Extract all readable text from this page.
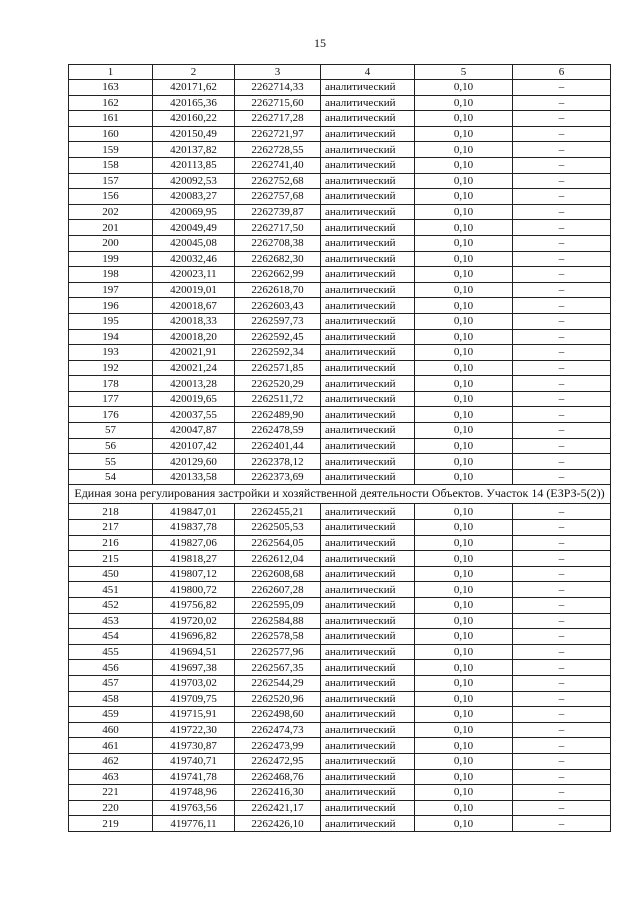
15
1	2	3	4	5	6
163	420171,62	2262714,33	аналитический	0,10	–
162	420165,36	2262715,60	аналитический	0,10	–
161	420160,22	2262717,28	аналитический	0,10	–
160	420150,49	2262721,97	аналитический	0,10	–
159	420137,82	2262728,55	аналитический	0,10	–
158	420113,85	2262741,40	аналитический	0,10	–
157	420092,53	2262752,68	аналитический	0,10	–
156	420083,27	2262757,68	аналитический	0,10	–
202	420069,95	2262739,87	аналитический	0,10	–
201	420049,49	2262717,50	аналитический	0,10	–
200	420045,08	2262708,38	аналитический	0,10	–
199	420032,46	2262682,30	аналитический	0,10	–
198	420023,11	2262662,99	аналитический	0,10	–
197	420019,01	2262618,70	аналитический	0,10	–
196	420018,67	2262603,43	аналитический	0,10	–
195	420018,33	2262597,73	аналитический	0,10	–
194	420018,20	2262592,45	аналитический	0,10	–
193	420021,91	2262592,34	аналитический	0,10	–
192	420021,24	2262571,85	аналитический	0,10	–
178	420013,28	2262520,29	аналитический	0,10	–
177	420019,65	2262511,72	аналитический	0,10	–
176	420037,55	2262489,90	аналитический	0,10	–
57	420047,87	2262478,59	аналитический	0,10	–
56	420107,42	2262401,44	аналитический	0,10	–
55	420129,60	2262378,12	аналитический	0,10	–
54	420133,58	2262373,69	аналитический	0,10	–
Единая зона регулирования застройки и хозяйственной деятельности Объектов. Участок 14 (ЕЗРЗ-5(2))					
218	419847,01	2262455,21	аналитический	0,10	–
217	419837,78	2262505,53	аналитический	0,10	–
216	419827,06	2262564,05	аналитический	0,10	–
215	419818,27	2262612,04	аналитический	0,10	–
450	419807,12	2262608,68	аналитический	0,10	–
451	419800,72	2262607,28	аналитический	0,10	–
452	419756,82	2262595,09	аналитический	0,10	–
453	419720,02	2262584,88	аналитический	0,10	–
454	419696,82	2262578,58	аналитический	0,10	–
455	419694,51	2262577,96	аналитический	0,10	–
456	419697,38	2262567,35	аналитический	0,10	–
457	419703,02	2262544,29	аналитический	0,10	–
458	419709,75	2262520,96	аналитический	0,10	–
459	419715,91	2262498,60	аналитический	0,10	–
460	419722,30	2262474,73	аналитический	0,10	–
461	419730,87	2262473,99	аналитический	0,10	–
462	419740,71	2262472,95	аналитический	0,10	–
463	419741,78	2262468,76	аналитический	0,10	–
221	419748,96	2262416,30	аналитический	0,10	–
220	419763,56	2262421,17	аналитический	0,10	–
219	419776,11	2262426,10	аналитический	0,10	–
